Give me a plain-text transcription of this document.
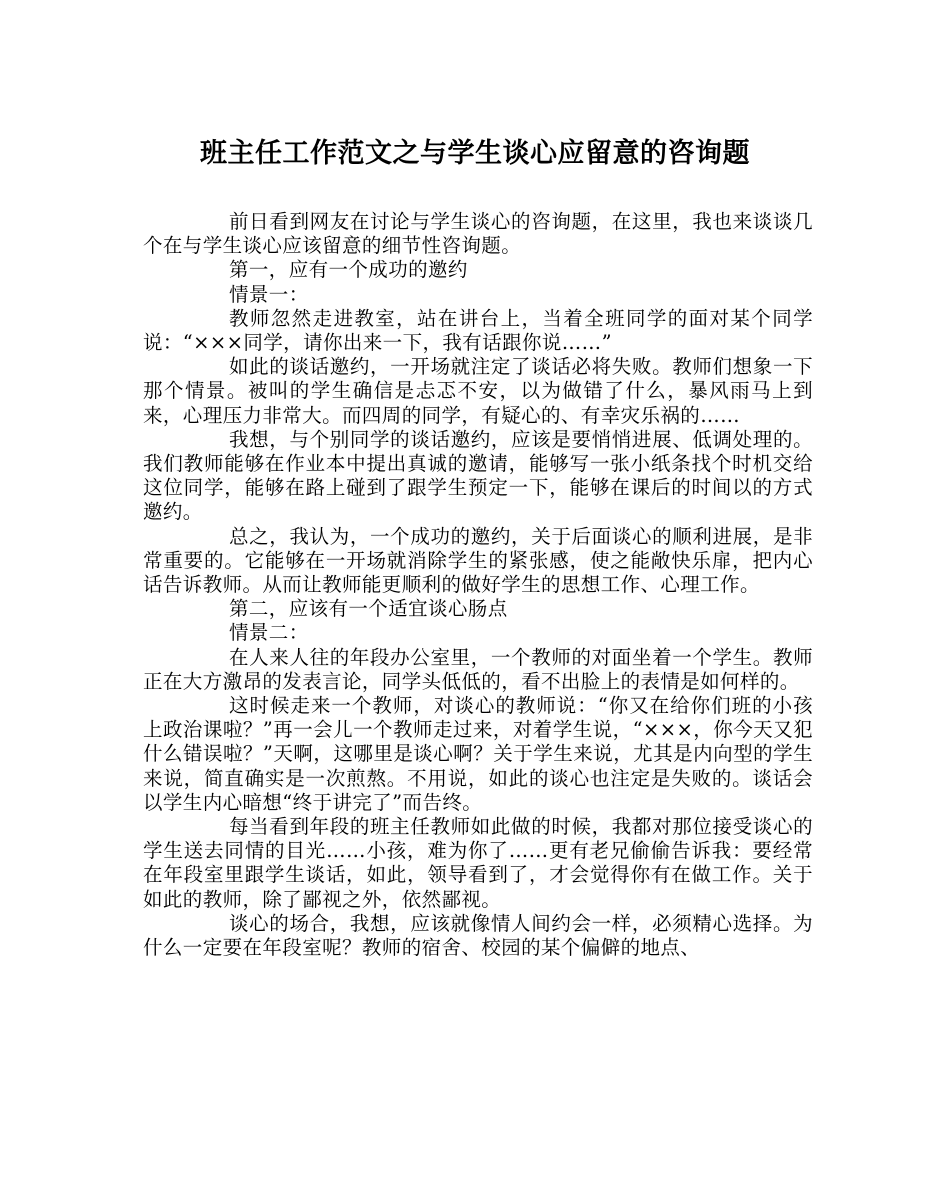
班主任工作范文之与学生谈心应留意的咨询题

前日看到网友在讨论与学生谈心的咨询题，在这里，我也来谈谈几个在与学生谈心应该留意的细节性咨询题。

第一，应有一个成功的邀约

情景一：

教师忽然走进教室，站在讲台上，当着全班同学的面对某个同学说：“×××同学，请你出来一下，我有话跟你说……”

如此的谈话邀约，一开场就注定了谈话必将失败。教师们想象一下那个情景。被叫的学生确信是忐忑不安，以为做错了什么，暴风雨马上到来，心理压力非常大。而四周的同学，有疑心的、有幸灾乐祸的……

我想，与个别同学的谈话邀约，应该是要悄悄进展、低调处理的。我们教师能够在作业本中提出真诚的邀请，能够写一张小纸条找个时机交给这位同学，能够在路上碰到了跟学生预定一下，能够在课后的时间以的方式邀约。

总之，我认为，一个成功的邀约，关于后面谈心的顺利进展，是非常重要的。它能够在一开场就消除学生的紧张感，使之能敞快乐扉，把内心话告诉教师。从而让教师能更顺利的做好学生的思想工作、心理工作。

第二，应该有一个适宜谈心肠点

情景二：

在人来人往的年段办公室里，一个教师的对面坐着一个学生。教师正在大方激昂的发表言论，同学头低低的，看不出脸上的表情是如何样的。

这时候走来一个教师，对谈心的教师说：“你又在给你们班的小孩上政治课啦？”再一会儿一个教师走过来，对着学生说，“×××，你今天又犯什么错误啦？”天啊，这哪里是谈心啊？关于学生来说，尤其是内向型的学生来说，简直确实是一次煎熬。不用说，如此的谈心也注定是失败的。谈话会以学生内心暗想“终于讲完了”而告终。

每当看到年段的班主任教师如此做的时候，我都对那位接受谈心的学生送去同情的目光……小孩，难为你了……更有老兄偷偷告诉我：要经常在年段室里跟学生谈话，如此，领导看到了，才会觉得你有在做工作。关于如此的教师，除了鄙视之外，依然鄙视。

谈心的场合，我想，应该就像情人间约会一样，必须精心选择。为什么一定要在年段室呢？教师的宿舍、校园的某个偏僻的地点、
